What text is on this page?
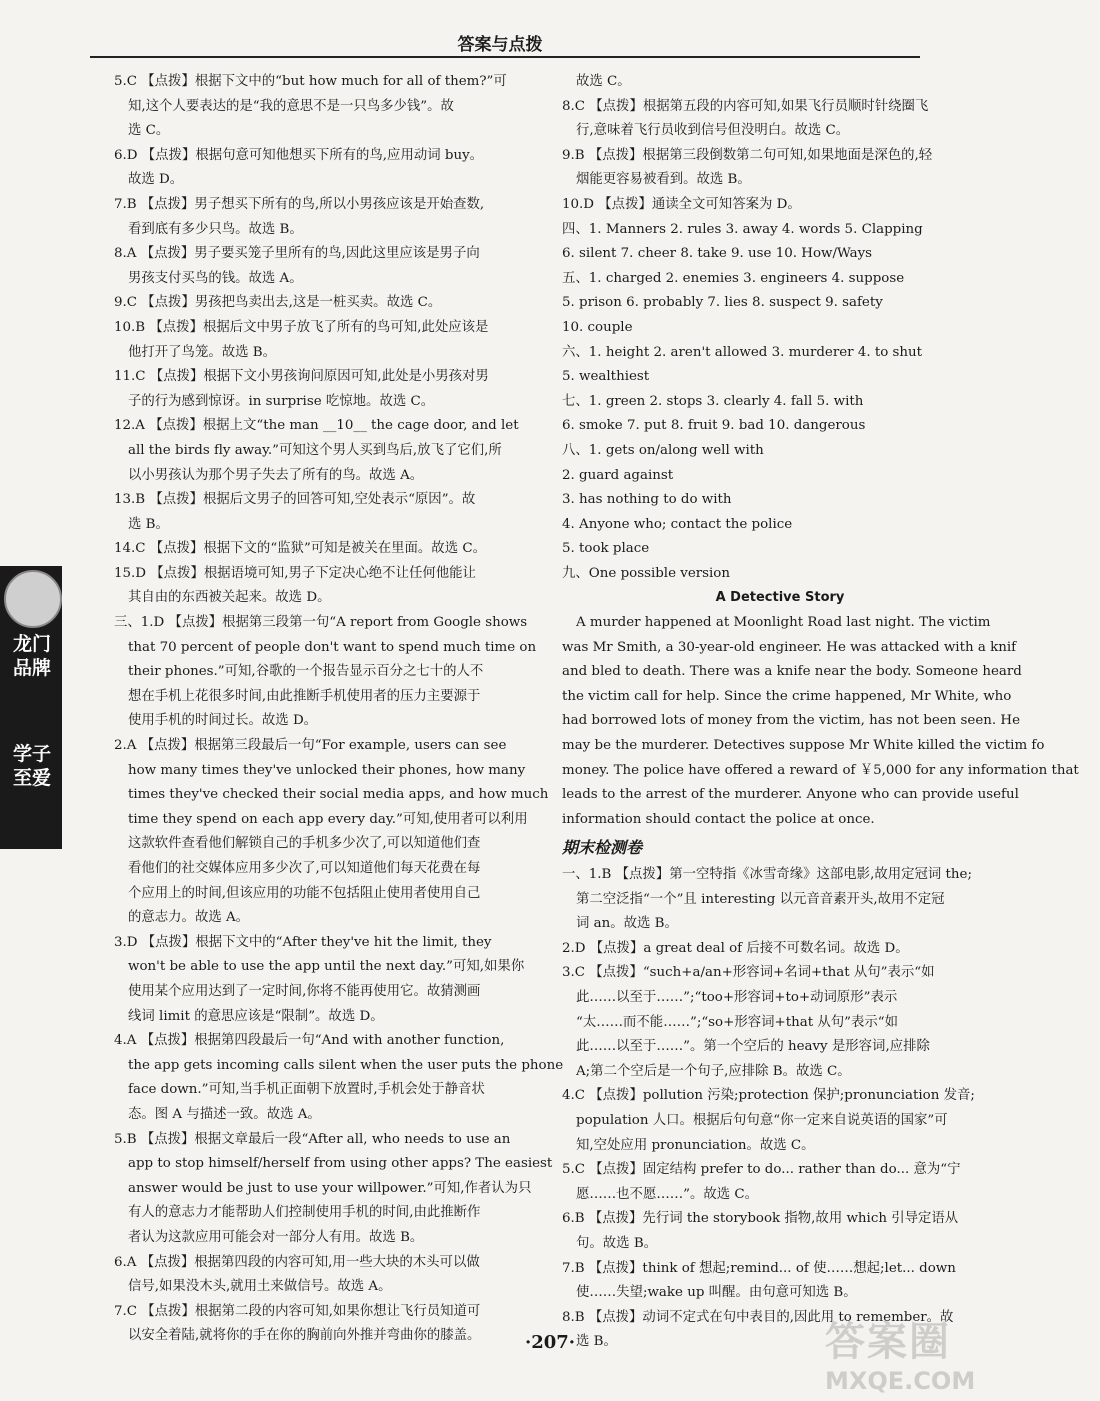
答案与点拨
5.C 【点拨】根据下文中的“but how much for all of them?”可
知,这个人要表达的是“我的意思不是一只鸟多少钱”。故
选 C。
6.D 【点拨】根据句意可知他想买下所有的鸟,应用动词 buy。
故选 D。
7.B 【点拨】男子想买下所有的鸟,所以小男孩应该是开始查数,
看到底有多少只鸟。故选 B。
8.A 【点拨】男子要买笼子里所有的鸟,因此这里应该是男子向
男孩支付买鸟的钱。故选 A。
9.C 【点拨】男孩把鸟卖出去,这是一桩买卖。故选 C。
10.B 【点拨】根据后文中男子放飞了所有的鸟可知,此处应该是
他打开了鸟笼。故选 B。
11.C 【点拨】根据下文小男孩询问原因可知,此处是小男孩对男
子的行为感到惊讶。in surprise 吃惊地。故选 C。
12.A 【点拨】根据上文“the man __10__ the cage door, and let
all the birds fly away.”可知这个男人买到鸟后,放飞了它们,所
以小男孩认为那个男子失去了所有的鸟。故选 A。
13.B 【点拨】根据后文男子的回答可知,空处表示“原因”。故
选 B。
14.C 【点拨】根据下文的“监狱”可知是被关在里面。故选 C。
15.D 【点拨】根据语境可知,男子下定决心绝不让任何他能让
其自由的东西被关起来。故选 D。
三、1.D 【点拨】根据第三段第一句“A report from Google shows
that 70 percent of people don't want to spend much time on
their phones.”可知,谷歌的一个报告显示百分之七十的人不
想在手机上花很多时间,由此推断手机使用者的压力主要源于
使用手机的时间过长。故选 D。
2.A 【点拨】根据第三段最后一句“For example, users can see
how many times they've unlocked their phones, how many
times they've checked their social media apps, and how much
time they spend on each app every day.”可知,使用者可以利用
这款软件查看他们解锁自己的手机多少次了,可以知道他们查
看他们的社交媒体应用多少次了,可以知道他们每天花费在每
个应用上的时间,但该应用的功能不包括阻止使用者使用自己
的意志力。故选 A。
3.D 【点拨】根据下文中的“After they've hit the limit, they
won't be able to use the app until the next day.”可知,如果你
使用某个应用达到了一定时间,你将不能再使用它。故猜测画
线词 limit 的意思应该是“限制”。故选 D。
4.A 【点拨】根据第四段最后一句“And with another function,
the app gets incoming calls silent when the user puts the phone
face down.”可知,当手机正面朝下放置时,手机会处于静音状
态。图 A 与描述一致。故选 A。
5.B 【点拨】根据文章最后一段“After all, who needs to use an
app to stop himself/herself from using other apps? The easiest
answer would be just to use your willpower.”可知,作者认为只
有人的意志力才能帮助人们控制使用手机的时间,由此推断作
者认为这款应用可能会对一部分人有用。故选 B。
6.A 【点拨】根据第四段的内容可知,用一些大块的木头可以做
信号,如果没木头,就用土来做信号。故选 A。
7.C 【点拨】根据第二段的内容可知,如果你想让飞行员知道可
以安全着陆,就将你的手在你的胸前向外推并弯曲你的膝盖。
故选 C。
8.C 【点拨】根据第五段的内容可知,如果飞行员顺时针绕圈飞
行,意味着飞行员收到信号但没明白。故选 C。
9.B 【点拨】根据第三段倒数第二句可知,如果地面是深色的,轻
烟能更容易被看到。故选 B。
10.D 【点拨】通读全文可知答案为 D。
四、1. Manners 2. rules 3. away 4. words 5. Clapping
6. silent 7. cheer 8. take 9. use 10. How/Ways
五、1. charged 2. enemies 3. engineers 4. suppose
5. prison 6. probably 7. lies 8. suspect 9. safety
10. couple
六、1. height 2. aren't allowed 3. murderer 4. to shut
5. wealthiest
七、1. green 2. stops 3. clearly 4. fall 5. with
6. smoke 7. put 8. fruit 9. bad 10. dangerous
八、1. gets on/along well with
2. guard against
3. has nothing to do with
4. Anyone who; contact the police
5. took place
九、One possible version
A Detective Story
A murder happened at Moonlight Road last night. The victim
was Mr Smith, a 30-year-old engineer. He was attacked with a knif
and bled to death. There was a knife near the body. Someone heard
the victim call for help. Since the crime happened, Mr White, who
had borrowed lots of money from the victim, has not been seen. He
may be the murderer. Detectives suppose Mr White killed the victim fo
money. The police have offered a reward of ￥5,000 for any information that
leads to the arrest of the murderer. Anyone who can provide useful
information should contact the police at once.
期末检测卷
一、1.B 【点拨】第一空特指《冰雪奇缘》这部电影,故用定冠词 the;
第二空泛指“一个”且 interesting 以元音音素开头,故用不定冠
词 an。故选 B。
2.D 【点拨】a great deal of 后接不可数名词。故选 D。
3.C 【点拨】“such+a/an+形容词+名词+that 从句”表示“如
此……以至于……”;“too+形容词+to+动词原形”表示
“太……而不能……”;“so+形容词+that 从句”表示“如
此……以至于……”。第一个空后的 heavy 是形容词,应排除
A;第二个空后是一个句子,应排除 B。故选 C。
4.C 【点拨】pollution 污染;protection 保护;pronunciation 发音;
population 人口。根据后句句意“你一定来自说英语的国家”可
知,空处应用 pronunciation。故选 C。
5.C 【点拨】固定结构 prefer to do... rather than do... 意为“宁
愿……也不愿……”。故选 C。
6.B 【点拨】先行词 the storybook 指物,故用 which 引导定语从
句。故选 B。
7.B 【点拨】think of 想起;remind... of 使……想起;let... down
使……失望;wake up 叫醒。由句意可知选 B。
8.B 【点拨】动词不定式在句中表目的,因此用 to remember。故
选 B。
龙门品牌
学子至爱
·207·	答案圈
MXQE.COM
